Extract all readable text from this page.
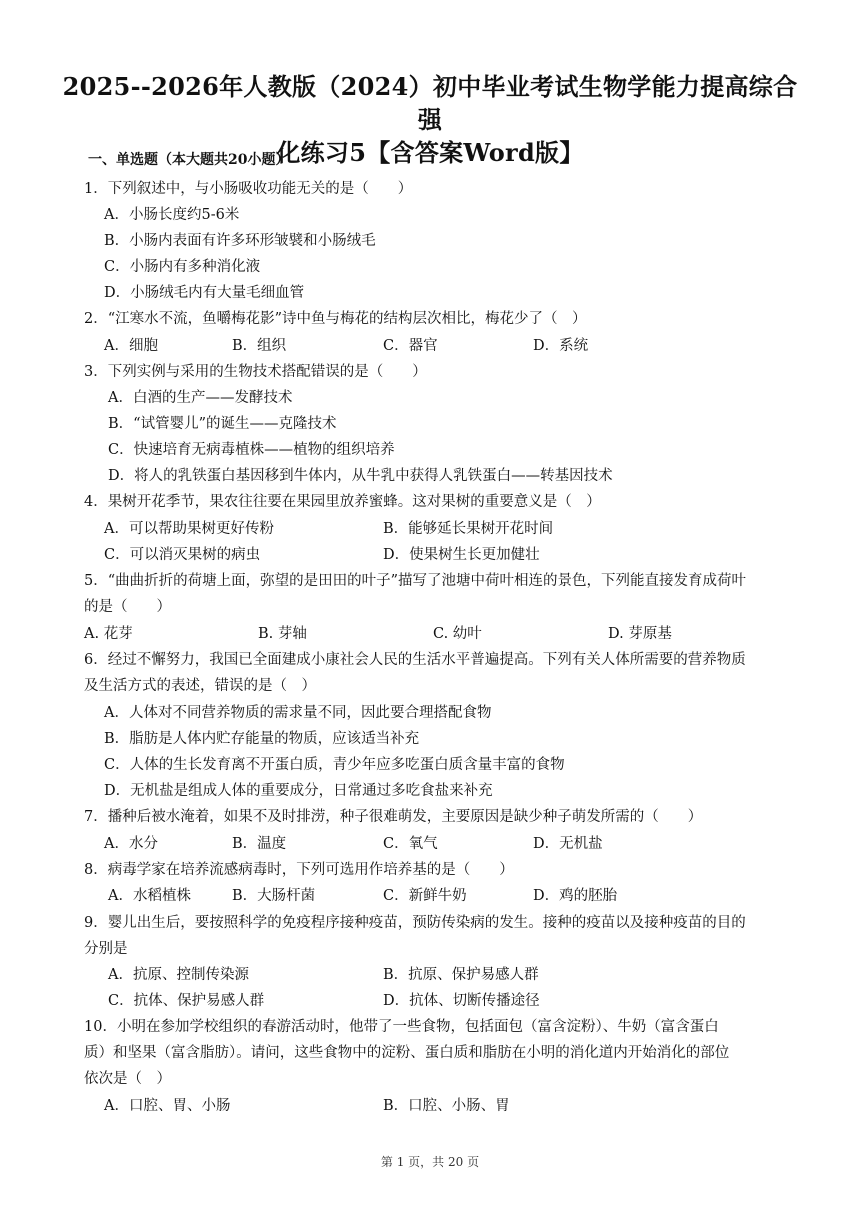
2025--2026年人教版（2024）初中毕业考试生物学能力提高综合强
化练习5【含答案Word版】
一、单选题（本大题共20小题）
1．下列叙述中，与小肠吸收功能无关的是（　　）
A．小肠长度约5-6米
B．小肠内表面有许多环形皱襞和小肠绒毛
C．小肠内有多种消化液
D．小肠绒毛内有大量毛细血管
2．“江寒水不流，鱼嚼梅花影”诗中鱼与梅花的结构层次相比，梅花少了（　）
A．细胞	B．组织	C．器官	D．系统
3．下列实例与采用的生物技术搭配错误的是（　　）
A．白酒的生产——发酵技术
B．“试管婴儿”的诞生——克隆技术
C．快速培育无病毒植株——植物的组织培养
D．将人的乳铁蛋白基因移到牛体内，从牛乳中获得人乳铁蛋白——转基因技术
4．果树开花季节，果农往往要在果园里放养蜜蜂。这对果树的重要意义是（　）
A．可以帮助果树更好传粉	B．能够延长果树开花时间
C．可以消灭果树的病虫	D．使果树生长更加健壮
5．“曲曲折折的荷塘上面，弥望的是田田的叶子”描写了池塘中荷叶相连的景色，下列能直接发育成荷叶
的是（　　）
A. 花芽	B. 芽轴	C. 幼叶	D. 芽原基
6．经过不懈努力，我国已全面建成小康社会人民的生活水平普遍提高。下列有关人体所需要的营养物质
及生活方式的表述，错误的是（　）
A．人体对不同营养物质的需求量不同，因此要合理搭配食物
B．脂肪是人体内贮存能量的物质，应该适当补充
C．人体的生长发育离不开蛋白质，青少年应多吃蛋白质含量丰富的食物
D．无机盐是组成人体的重要成分，日常通过多吃食盐来补充
7．播种后被水淹着，如果不及时排涝，种子很难萌发，主要原因是缺少种子萌发所需的（　　）
A．水分	B．温度	C．氧气	D．无机盐
8．病毒学家在培养流感病毒时，下列可选用作培养基的是（　　）
A．水稻植株	B．大肠杆菌	C．新鲜牛奶	D．鸡的胚胎
9．婴儿出生后，要按照科学的免疫程序接种疫苗，预防传染病的发生。接种的疫苗以及接种疫苗的目的
分别是
A．抗原、控制传染源	B．抗原、保护易感人群
C．抗体、保护易感人群	D．抗体、切断传播途径
10．小明在参加学校组织的春游活动时，他带了一些食物，包括面包（富含淀粉）、牛奶（富含蛋白
质）和坚果（富含脂肪）。请问，这些食物中的淀粉、蛋白质和脂肪在小明的消化道内开始消化的部位
依次是（　）
A．口腔、胃、小肠	B．口腔、小肠、胃
第 1 页，共 20 页
